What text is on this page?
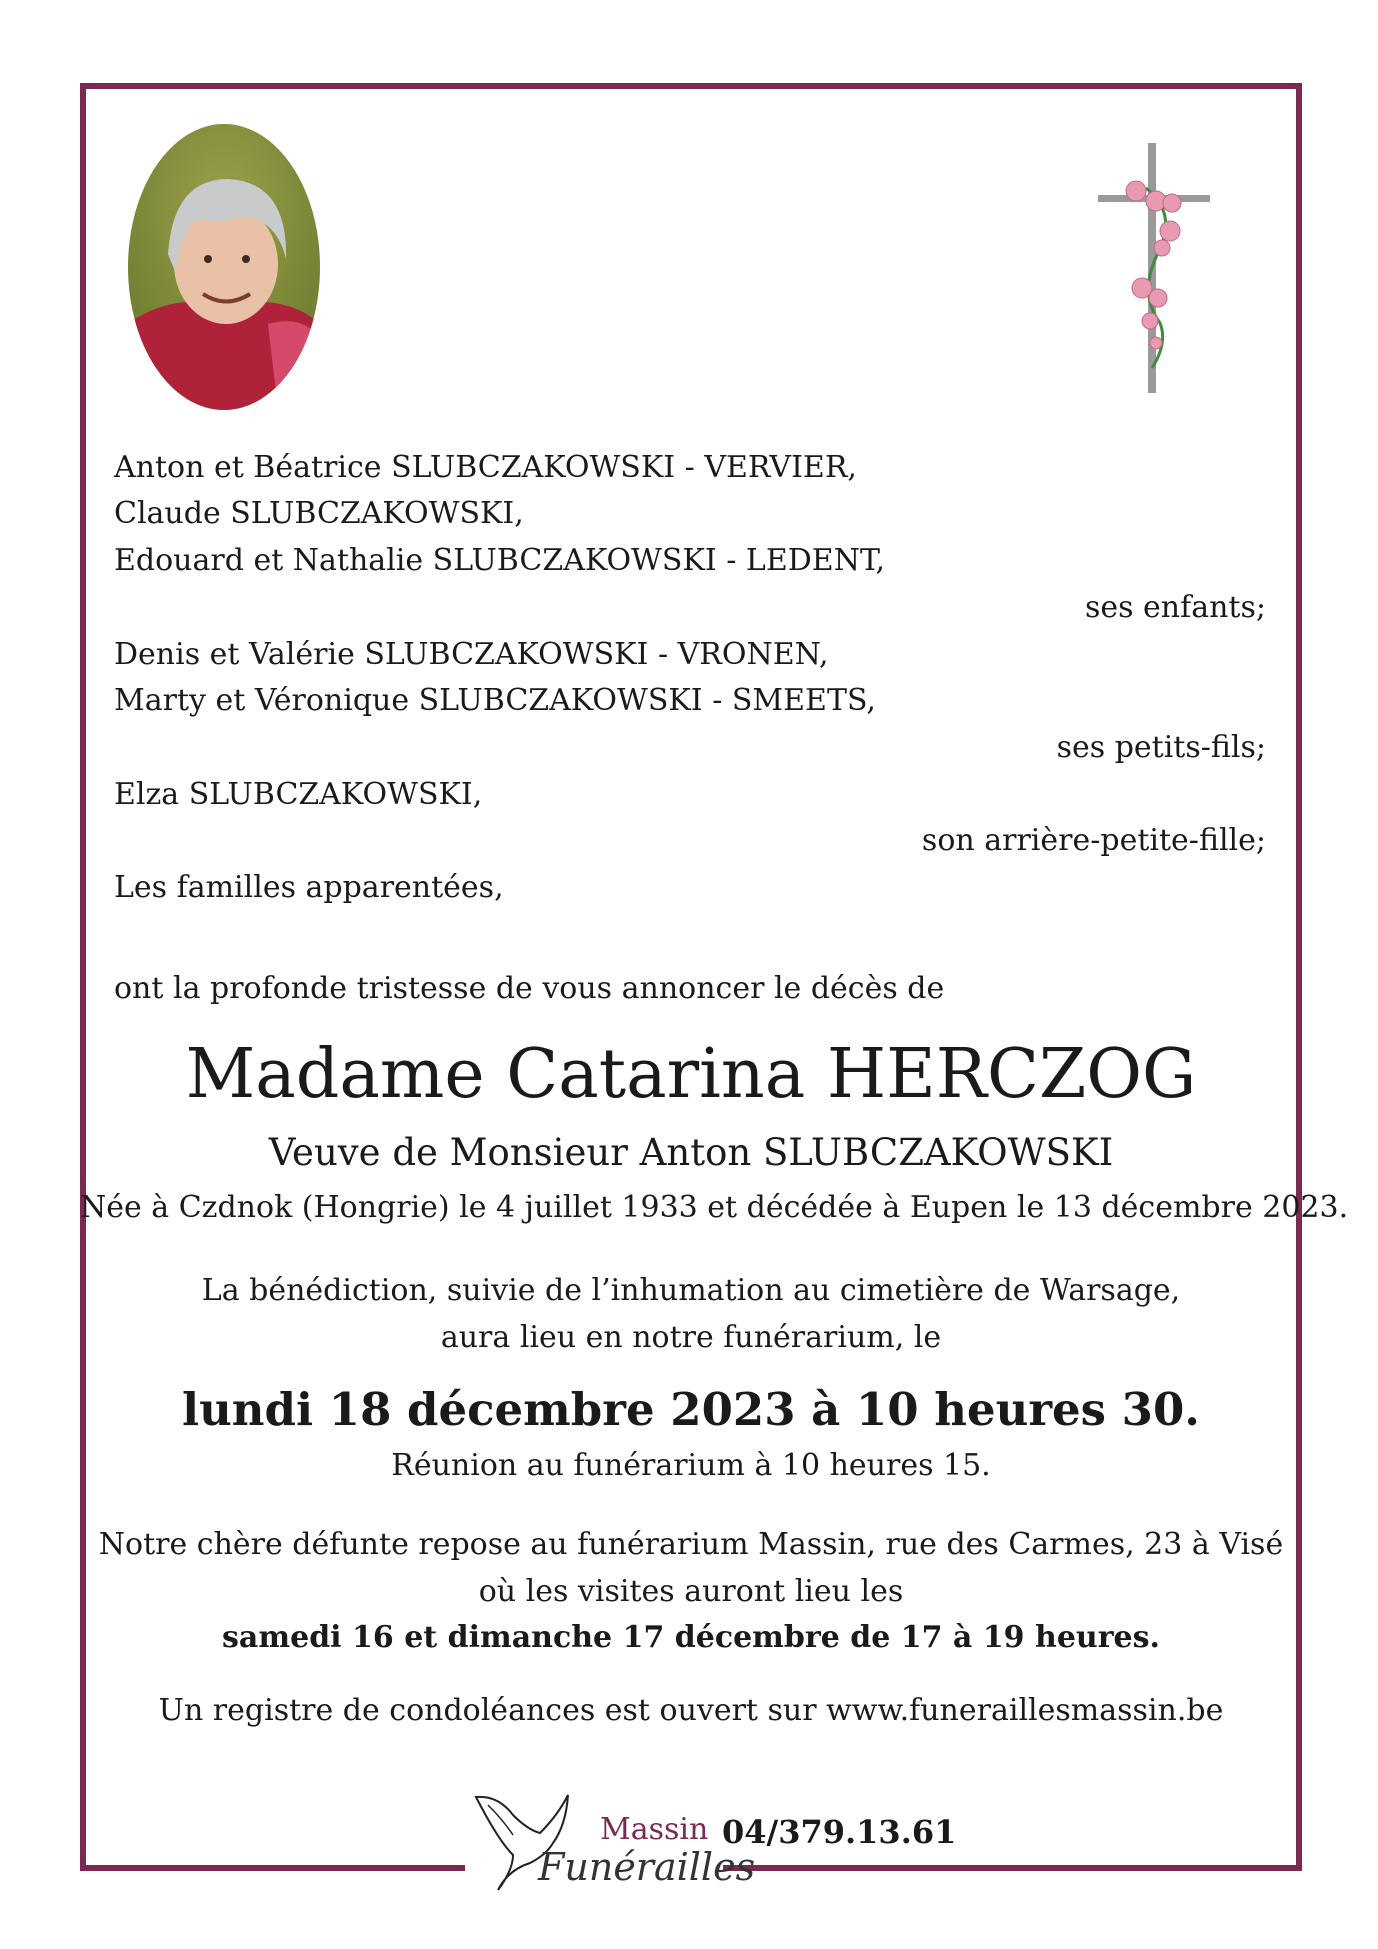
Anton et Béatrice SLUBCZAKOWSKI - VERVIER,
Claude SLUBCZAKOWSKI,
Edouard et Nathalie SLUBCZAKOWSKI - LEDENT,
ses enfants;
Denis et Valérie SLUBCZAKOWSKI - VRONEN,
Marty et Véronique SLUBCZAKOWSKI - SMEETS,
ses petits-fils;
Elza SLUBCZAKOWSKI,
son arrière-petite-fille;
Les familles apparentées,
ont la profonde tristesse de vous annoncer le décès de
Madame Catarina HERCZOG
Veuve de Monsieur Anton SLUBCZAKOWSKI
Née à Czdnok (Hongrie) le 4 juillet 1933 et décédée à Eupen le 13 décembre 2023.
La bénédiction, suivie de l’inhumation au cimetière de Warsage,
aura lieu en notre funérarium, le
lundi 18 décembre 2023 à 10 heures 30.
Réunion au funérarium à 10 heures 15.
Notre chère défunte repose au funérarium Massin, rue des Carmes, 23 à Visé
où les visites auront lieu les
samedi 16 et dimanche 17 décembre de 17 à 19 heures.
Un registre de condoléances est ouvert sur www.funeraillesmassin.be
Massin
Funérailles
04/379.13.61
